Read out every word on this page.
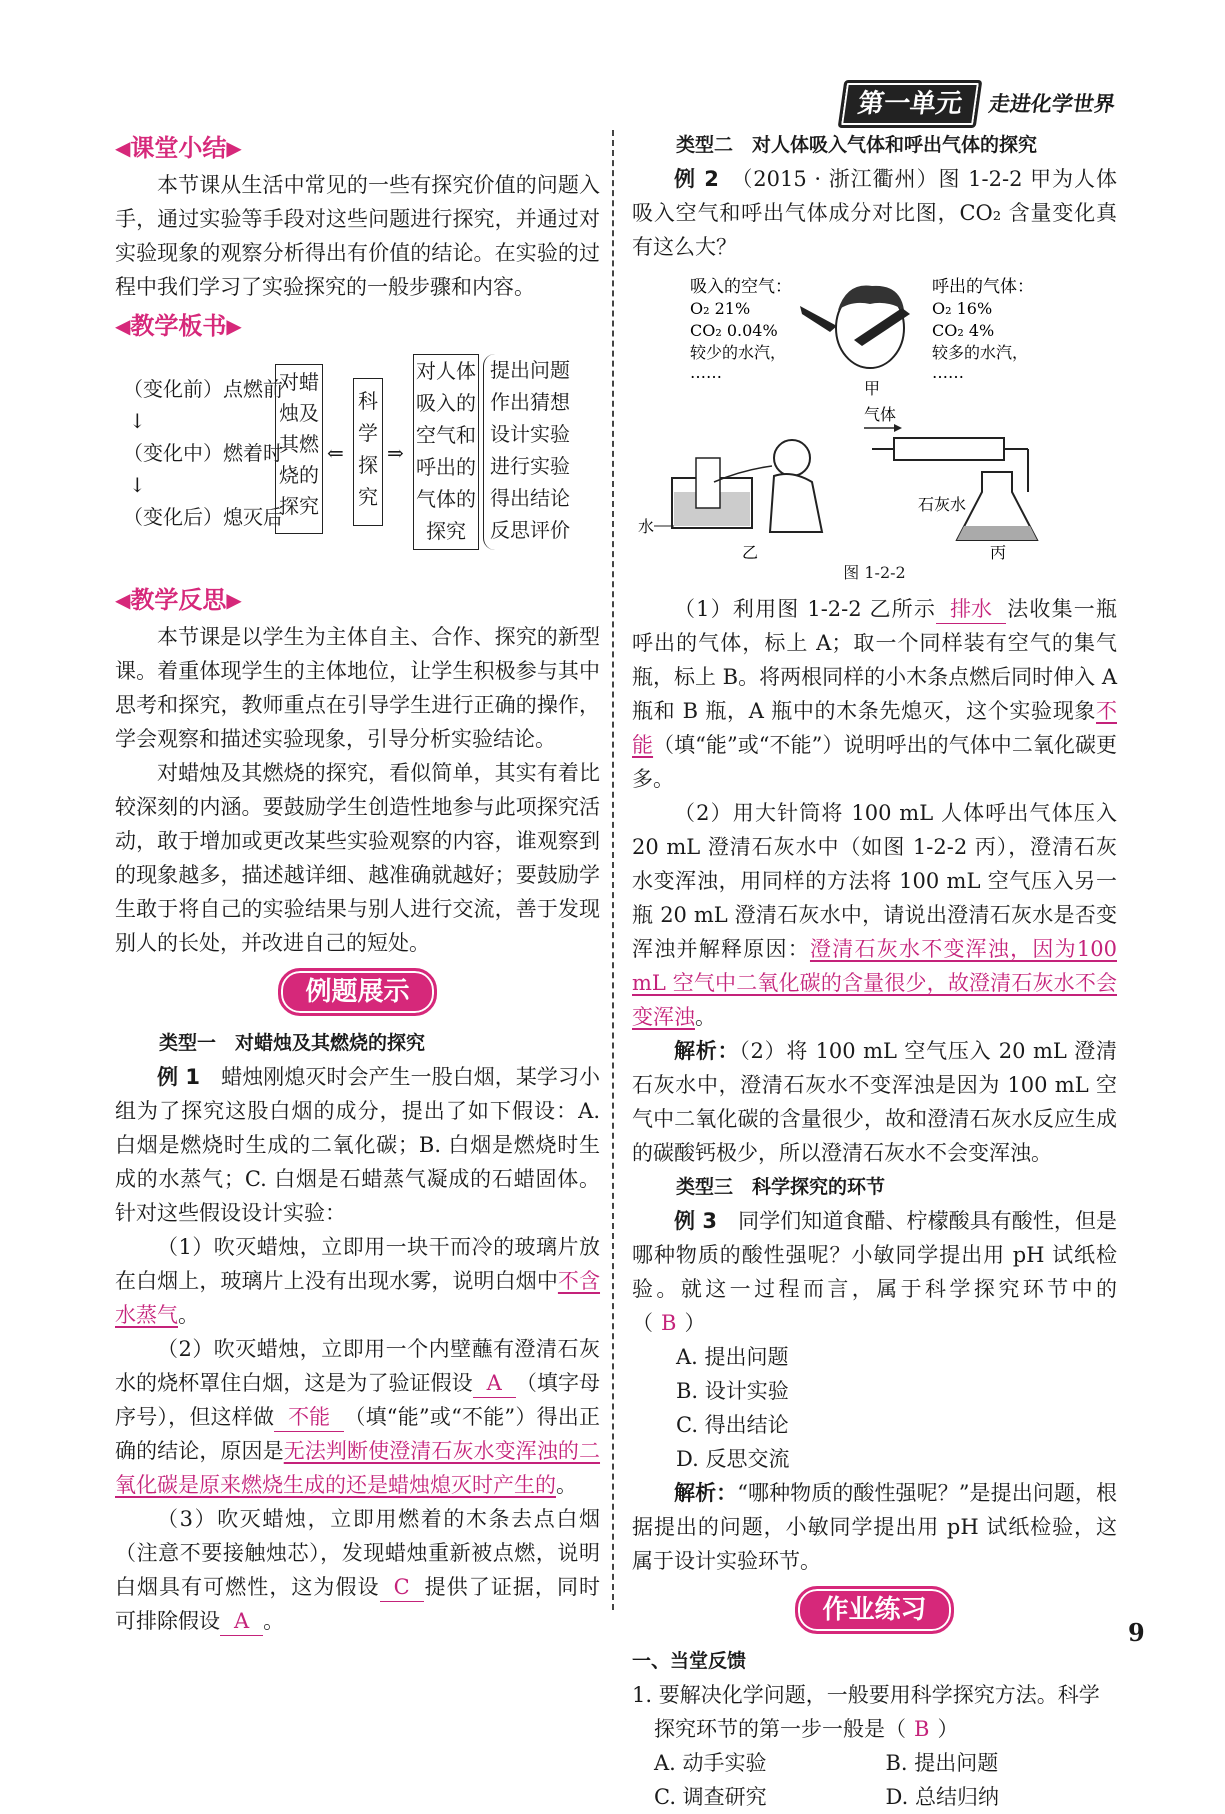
第一单元	走进化学世界
◀ 课堂小结 ▶

本节课从生活中常见的一些有探究价值的问题入手，通过实验等手段对这些问题进行探究，并通过对实验现象的观察分析得出有价值的结论。在实验的过程中我们学习了实验探究的一般步骤和内容。

◀ 教学板书 ▶
（变化前）点燃前
↓
（变化中）燃着时
↓
（变化后）熄灭后
对蜡
烛及
其燃
烧的
探究
⇐
科
学
探
究
⇒
对人体
吸入的
空气和
呼出的
气体的
探究
提出问题
作出猜想
设计实验
进行实验
得出结论
反思评价
◀ 教学反思 ▶

本节课是以学生为主体自主、合作、探究的新型课。着重体现学生的主体地位，让学生积极参与其中思考和探究，教师重点在引导学生进行正确的操作，学会观察和描述实验现象，引导分析实验结论。

对蜡烛及其燃烧的探究，看似简单，其实有着比较深刻的内涵。要鼓励学生创造性地参与此项探究活动，敢于增加或更改某些实验观察的内容，谁观察到的现象越多，描述越详细、越准确就越好；要鼓励学生敢于将自己的实验结果与别人进行交流，善于发现别人的长处，并改进自己的短处。

例题展示
类型一　对蜡烛及其燃烧的探究

例 1　 蜡烛刚熄灭时会产生一股白烟，某学习小组为了探究这股白烟的成分，提出了如下假设：A. 白烟是燃烧时生成的二氧化碳；B. 白烟是燃烧时生成的水蒸气；C. 白烟是石蜡蒸气凝成的石蜡固体。针对这些假设设计实验：

（1）吹灭蜡烛，立即用一块干而冷的玻璃片放在白烟上，玻璃片上没有出现水雾，说明白烟中不含水蒸气。

（2）吹灭蜡烛，立即用一个内壁蘸有澄清石灰水的烧杯罩住白烟，这是为了验证假设 A （填字母序号），但这样做 不能 （填“能”或“不能”）得出正确的结论，原因是无法判断使澄清石灰水变浑浊的二氧化碳是原来燃烧生成的还是蜡烛熄灭时产生的。

（3）吹灭蜡烛，立即用燃着的木条去点白烟（注意不要接触烛芯），发现蜡烛重新被点燃，说明白烟具有可燃性，这为假设 C 提供了证据，同时可排除假设 A 。

类型二　对人体吸入气体和呼出气体的探究

例 2　 （2015 · 浙江衢州）图 1-2-2 甲为人体吸入空气和呼出气体成分对比图，CO₂ 含量变化真有这么大？

吸入的空气：
O₂ 21%
CO₂ 0.04%
较少的水汽，
……
呼出的气体：
O₂ 16%
CO₂ 4%
较多的水汽，
……
甲
气体
石灰水
丙
水
乙
图 1-2-2

（1）利用图 1-2-2 乙所示 排水 法收集一瓶呼出的气体，标上 A；取一个同样装有空气的集气瓶，标上 B。将两根同样的小木条点燃后同时伸入 A 瓶和 B 瓶，A 瓶中的木条先熄灭，这个实验现象不能（填“能”或“不能”）说明呼出的气体中二氧化碳更多。

（2）用大针筒将 100 mL 人体呼出气体压入 20 mL 澄清石灰水中（如图 1-2-2 丙），澄清石灰水变浑浊，用同样的方法将 100 mL 空气压入另一瓶 20 mL 澄清石灰水中，请说出澄清石灰水是否变浑浊并解释原因：澄清石灰水不变浑浊，因为100 mL 空气中二氧化碳的含量很少，故澄清石灰水不会变浑浊。

解析：（2）将 100 mL 空气压入 20 mL 澄清石灰水中，澄清石灰水不变浑浊是因为 100 mL 空气中二氧化碳的含量很少，故和澄清石灰水反应生成的碳酸钙极少，所以澄清石灰水不会变浑浊。

类型三　科学探究的环节

例 3　 同学们知道食醋、柠檬酸具有酸性，但是哪种物质的酸性强呢？小敏同学提出用 pH 试纸检验。就这一过程而言，属于科学探究环节中的（ B ）

A. 提出问题
B. 设计实验
C. 得出结论
D. 反思交流

解析：“哪种物质的酸性强呢？”是提出问题，根据提出的问题，小敏同学提出用 pH 试纸检验，这属于设计实验环节。

作业练习
一、当堂反馈

1. 要解决化学问题，一般要用科学探究方法。科学探究环节的第一步一般是（ B ）

A. 动手实验	B. 提出问题
C. 调查研究	D. 总结归纳
9
